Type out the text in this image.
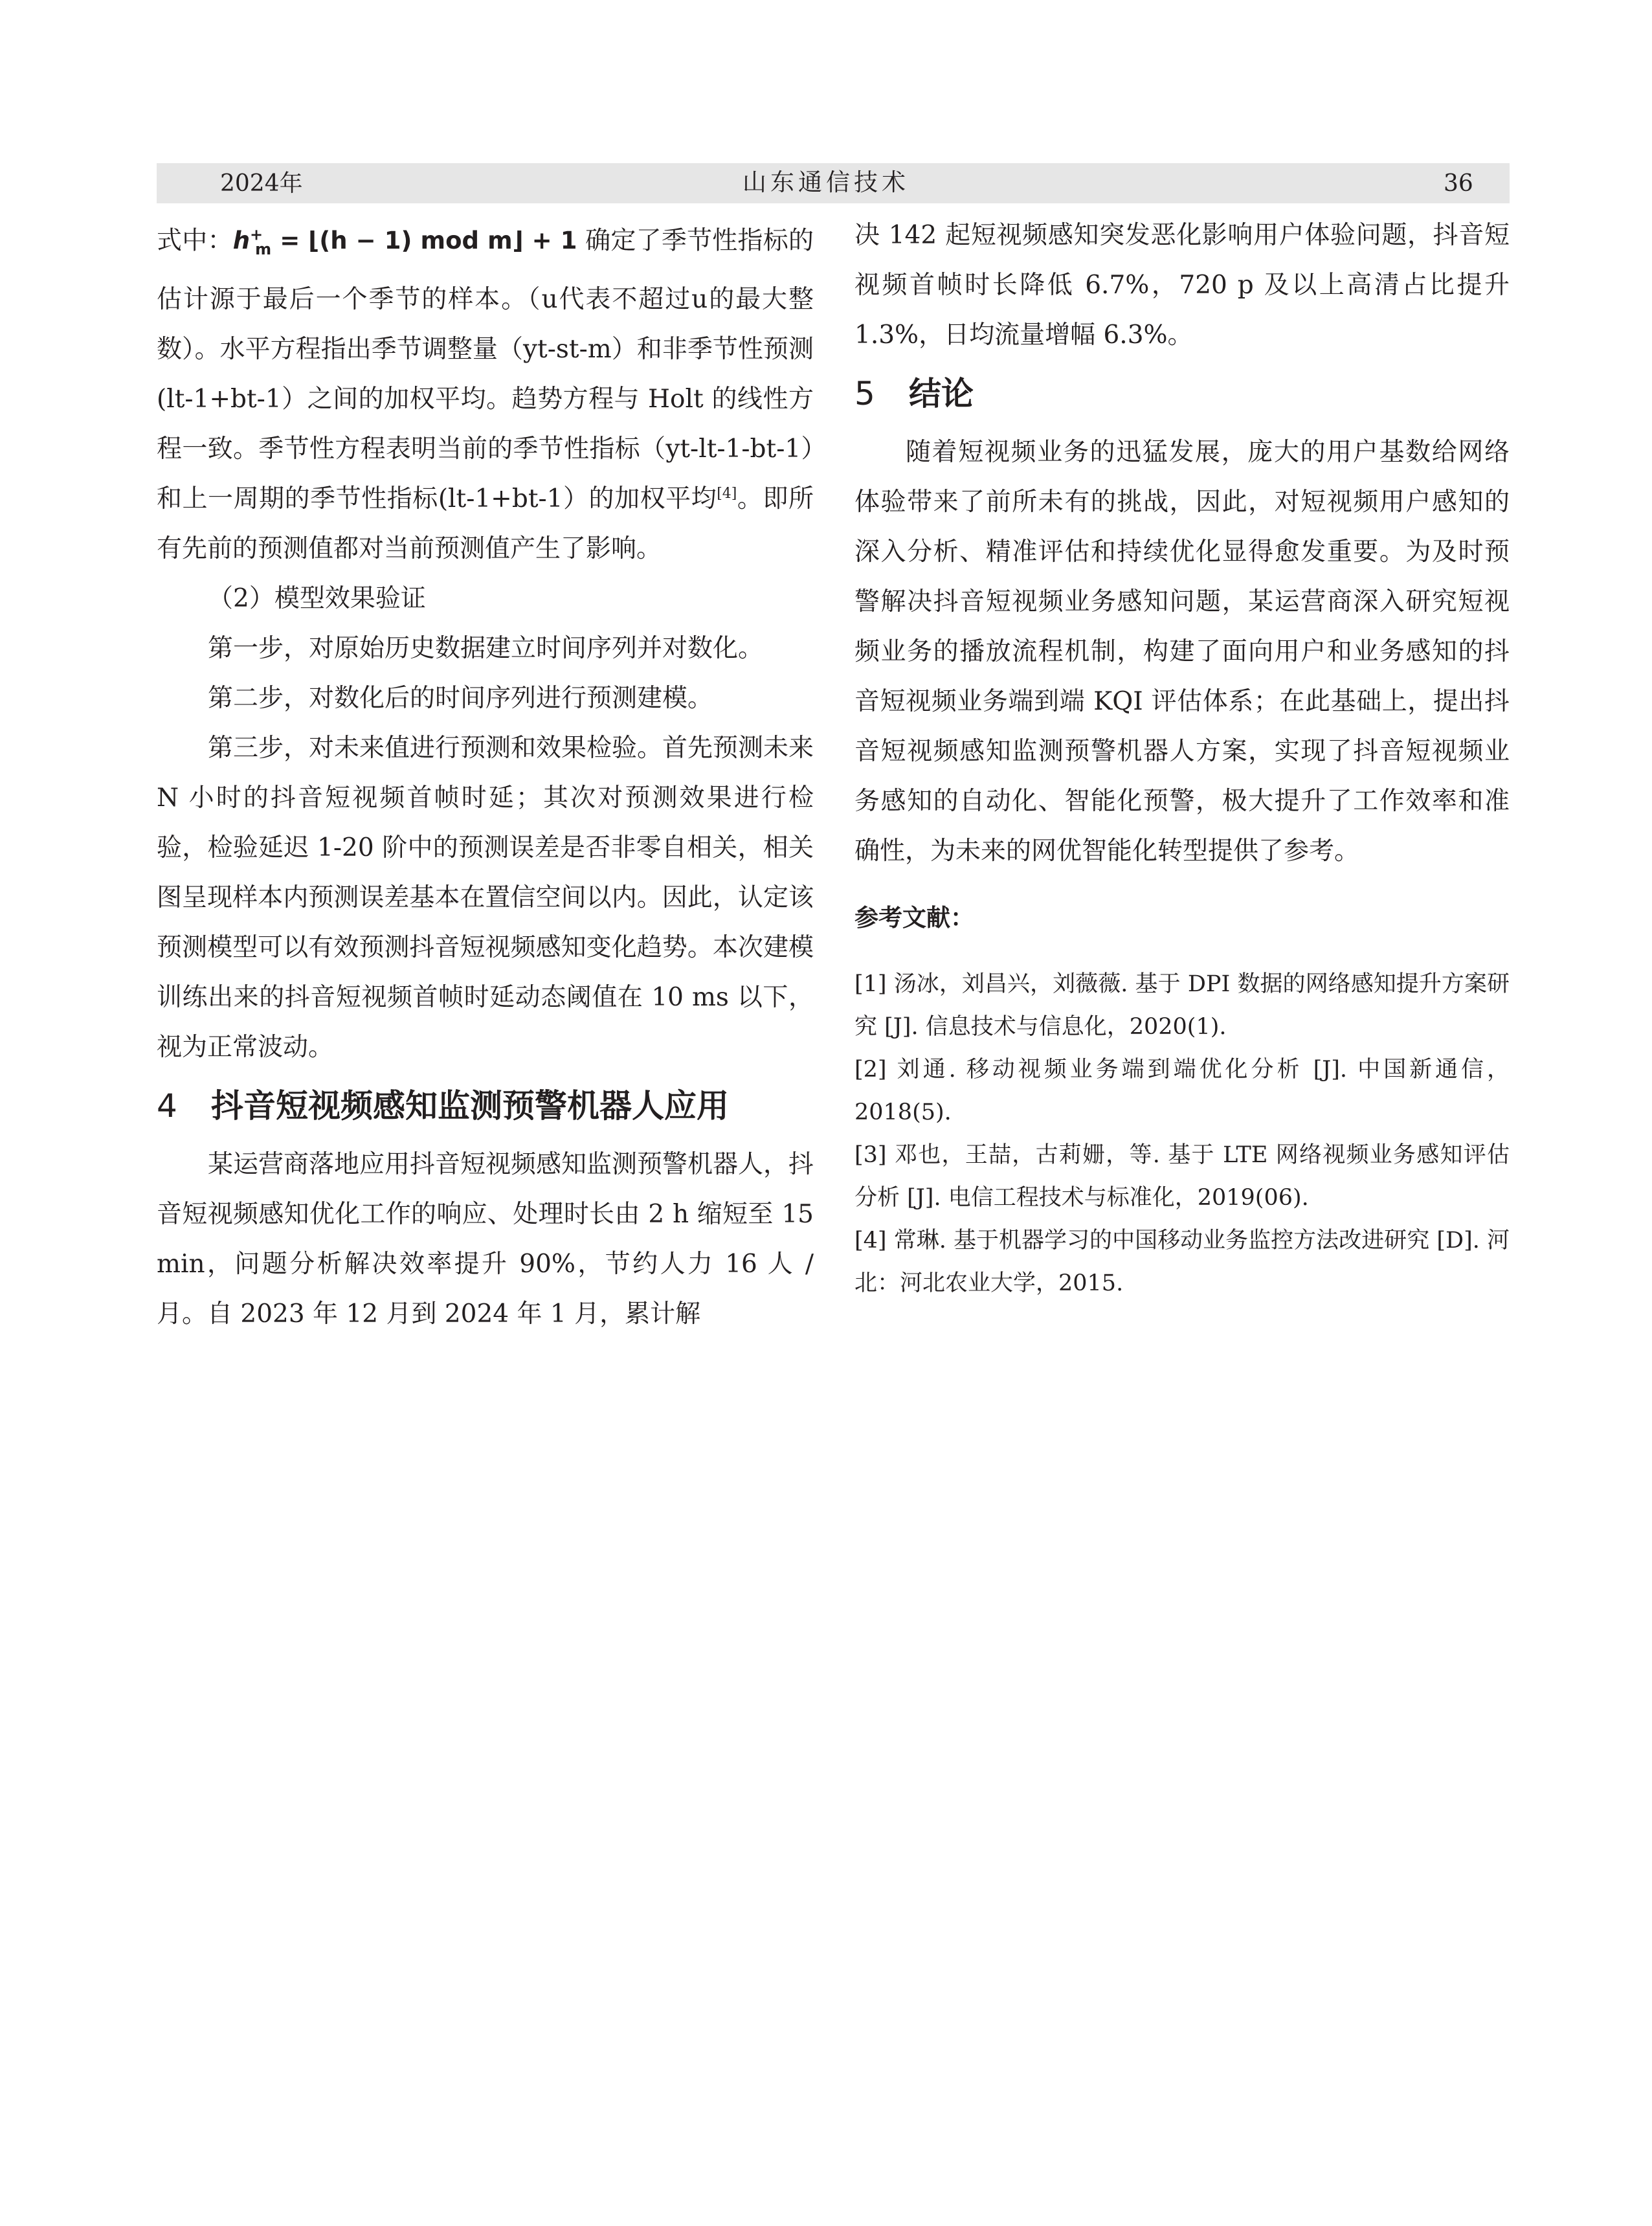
2024年	山东通信技术	36

式中：$h^+_m$ = ⌊(h − 1) mod m⌋ + 1 确定了季节性指标的估计源于最后一个季节的样本。（u代表不超过u的最大整数）。水平方程指出季节调整量（yt-st-m）和非季节性预测(lt-1+bt-1）之间的加权平均。趋势方程与 Holt 的线性方程一致。季节性方程表明当前的季节性指标（yt-lt-1-bt-1）和上一周期的季节性指标(lt-1+bt-1）的加权平均[4]。即所有先前的预测值都对当前预测值产生了影响。

（2）模型效果验证

第一步，对原始历史数据建立时间序列并对数化。

第二步，对数化后的时间序列进行预测建模。

第三步，对未来值进行预测和效果检验。首先预测未来 N 小时的抖音短视频首帧时延；其次对预测效果进行检验，检验延迟 1-20 阶中的预测误差是否非零自相关，相关图呈现样本内预测误差基本在置信空间以内。因此，认定该预测模型可以有效预测抖音短视频感知变化趋势。本次建模训练出来的抖音短视频首帧时延动态阈值在 10 ms 以下，视为正常波动。

4 抖音短视频感知监测预警机器人应用

某运营商落地应用抖音短视频感知监测预警机器人，抖音短视频感知优化工作的响应、处理时长由 2 h 缩短至 15 min，问题分析解决效率提升 90%，节约人力 16 人 / 月。自 2023 年 12 月到 2024 年 1 月，累计解

决 142 起短视频感知突发恶化影响用户体验问题，抖音短视频首帧时长降低 6.7%，720 p 及以上高清占比提升 1.3%，日均流量增幅 6.3%。

5 结论

随着短视频业务的迅猛发展，庞大的用户基数给网络体验带来了前所未有的挑战，因此，对短视频用户感知的深入分析、精准评估和持续优化显得愈发重要。为及时预警解决抖音短视频业务感知问题，某运营商深入研究短视频业务的播放流程机制，构建了面向用户和业务感知的抖音短视频业务端到端 KQI 评估体系；在此基础上，提出抖音短视频感知监测预警机器人方案，实现了抖音短视频业务感知的自动化、智能化预警，极大提升了工作效率和准确性，为未来的网优智能化转型提供了参考。

参考文献：
[1] 汤冰，刘昌兴，刘薇薇. 基于 DPI 数据的网络感知提升方案研究 [J]. 信息技术与信息化，2020(1).
[2] 刘通. 移动视频业务端到端优化分析 [J]. 中国新通信，2018(5).
[3] 邓也，王喆，古莉姗，等. 基于 LTE 网络视频业务感知评估分析 [J]. 电信工程技术与标准化，2019(06).
[4] 常琳. 基于机器学习的中国移动业务监控方法改进研究 [D]. 河北：河北农业大学，2015.
